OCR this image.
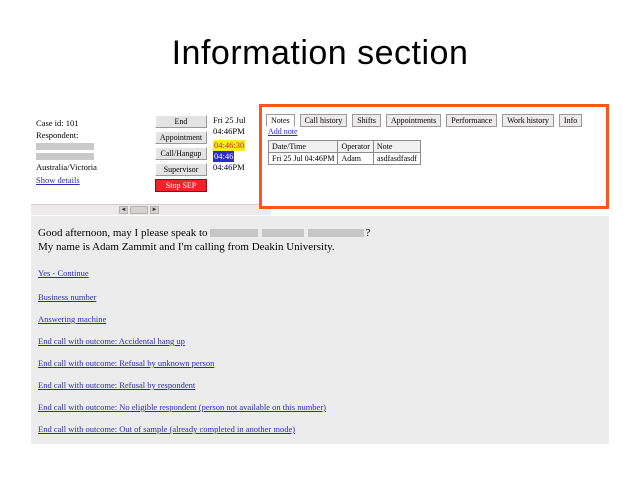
Information section
Case id: 101
Respondent:
Australia/Victoria
Show details
End
Appointment
Call/Hangup
Supervisor
Stop SEP
Fri 25 Jul
04:46PM
04:46:30
04:46
04:46PM
◄	►
Notes Call history Shifts Appointments Performance Work history Info
Add note
Date/Time	Operator	Note
Fri 25 Jul 04:46PM	Adam	asdfasdfasdf
Good afternoon, may I please speak to	?
My name is Adam Zammit and I'm calling from Deakin University.
Yes - Continue
Business number
Answering machine
End call with outcome: Accidental hang up
End call with outcome: Refusal by unknown person
End call with outcome: Refusal by respondent
End call with outcome: No eligible respondent (person not available on this number)
End call with outcome: Out of sample (already completed in another mode)
